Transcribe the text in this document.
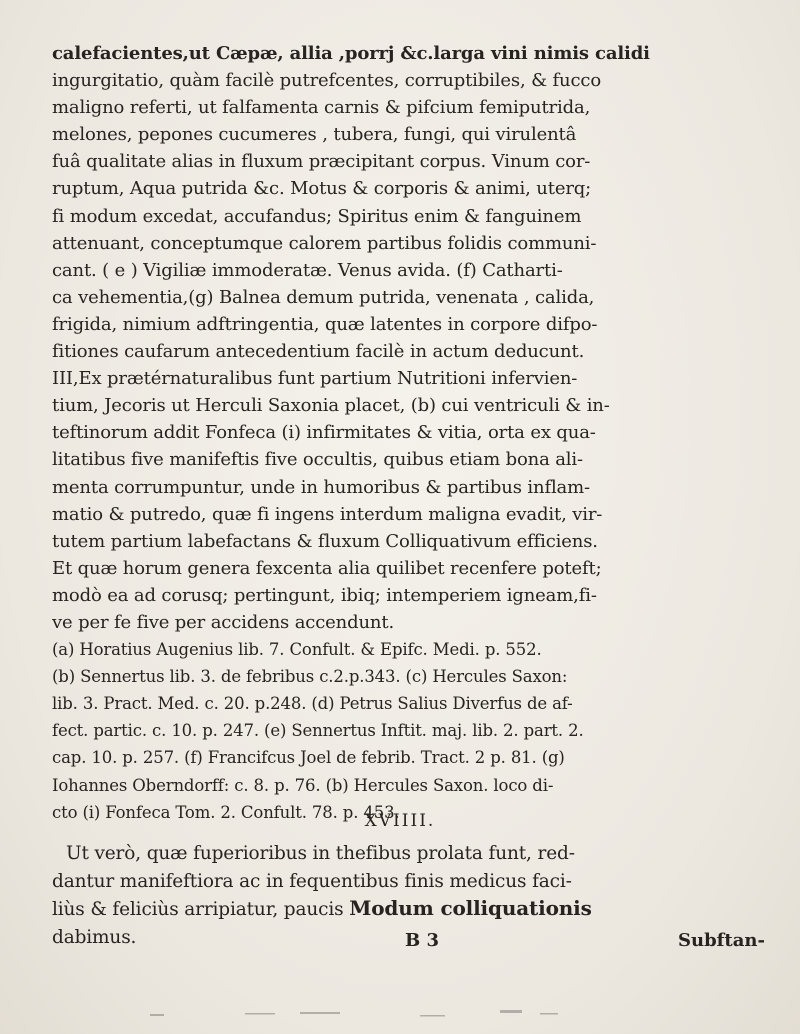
calefacientes,ut Cæpæ, allia ,porrj &c.larga vini nimis calidi
ingurgitatio, quàm facilè putrefcentes, corruptibiles, & fucco
maligno referti, ut falfamenta carnis & pifcium femiputrida,
melones, pepones cucumeres , tubera, fungi, qui virulentâ
fuâ qualitate alias in fluxum præcipitant corpus. Vinum cor-
ruptum, Aqua putrida &c. Motus & corporis & animi, uterq;
fi modum excedat, accufandus; Spiritus enim & fanguinem
attenuant, conceptumque calorem partibus folidis communi-
cant. ( e ) Vigiliæ immoderatæ. Venus avida. (f) Catharti-
ca vehementia,(g) Balnea demum putrida, venenata , calida,
frigida, nimium adftringentia, quæ latentes in corpore difpo-
fitiones caufarum antecedentium facilè in actum deducunt.
III,Ex prætérnaturalibus funt partium Nutritioni infervien-
tium, Jecoris ut Herculi Saxonia placet, (b) cui ventriculi & in-
teftinorum addit Fonfeca (i) infirmitates & vitia, orta ex qua-
litatibus five manifeftis five occultis, quibus etiam bona ali-
menta corrumpuntur, unde in humoribus & partibus inflam-
matio & putredo, quæ fi ingens interdum maligna evadit, vir-
tutem partium labefactans & fluxum Colliquativum efficiens.
Et quæ horum genera fexcenta alia quilibet recenfere poteft;
modò ea ad corusq; pertingunt, ibiq; intemperiem igneam,fi-
ve per fe five per accidens accendunt.
(a) Horatius Augenius lib. 7. Confult. & Epifc. Medi. p. 552.
(b) Sennertus lib. 3. de febribus c.2.p.343. (c) Hercules Saxon:
lib. 3. Pract. Med. c. 20. p.248. (d) Petrus Salius Diverfus de af-
fect. partic. c. 10. p. 247. (e) Sennertus Inftit. maj. lib. 2. part. 2.
cap. 10. p. 257. (f) Francifcus Joel de febrib. Tract. 2 p. 81. (g)
Iohannes Oberndorff: c. 8. p. 76. (b) Hercules Saxon. loco di-
cto (i) Fonfeca Tom. 2. Confult. 78. p. 453.
XVIIII.
Ut verò, quæ fuperioribus in thefibus prolata funt, red-
dantur manifeftiora ac in fequentibus finis medicus faci-
liùs & feliciùs arripiatur, paucis Modum colliquationis
dabimus.	B 3	Subftan-
